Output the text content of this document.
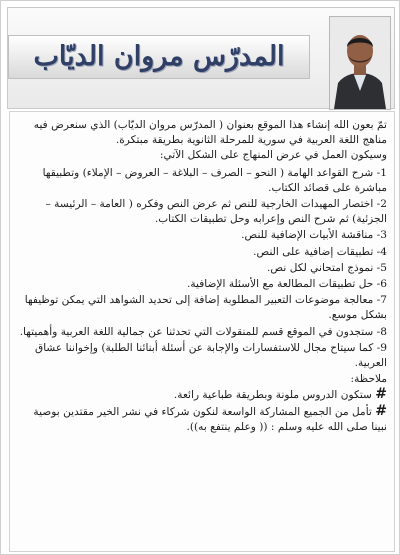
المدرّس مروان الديّاب

تمّ بعون الله إنشاء هذا الموقع بعنوان ( المدرّس مروان الديّاب) الذي سنعرض فيه مناهج اللغة العربية في سورية للمرحلة الثانوية بطريقة مبتكرة.

وسيكون العمل في عرض المنهاج على الشكل الآتي:

1- شرح القواعد الهامة ( النحو – الصرف – البلاغة – العروض – الإملاء) وتطبيقها مباشرة على قصائد الكتاب.

2- اختصار المهيدات الخارجية للنص ثم عرض النص وفكره ( العامة – الرئيسة – الجزئية) ثم شرح النص وإعرابه وحل تطبيقات الكتاب.

3- مناقشة الأبيات الإضافية للنص.

4- تطبيقات إضافية على النص.

5- نموذج امتحاني لكل نص.

6- حل تطبيقات المطالعة مع الأسئلة الإضافية.

7- معالجة موضوعات التعبير المطلوبة إضافة إلى تحديد الشواهد التي يمكن توظيفها بشكل موسع.

8- ستجدون في الموقع قسم للمنقولات التي تحدثنا عن جمالية اللغة العربية وأهميتها.

9- كما سيتاح مجال للاستفسارات والإجابة عن أسئلة أبنائنا الطلبة) وإخواننا عشاق العربية.

ملاحظة:

# ستكون الدروس ملونة وبطريقة طباعية رائعة.

# تأمل من الجميع المشاركة الواسعة لنكون شركاء في نشر الخير مقتدين بوصية نبينا صلى الله عليه وسلم : (( وعلم ينتفع به)).
